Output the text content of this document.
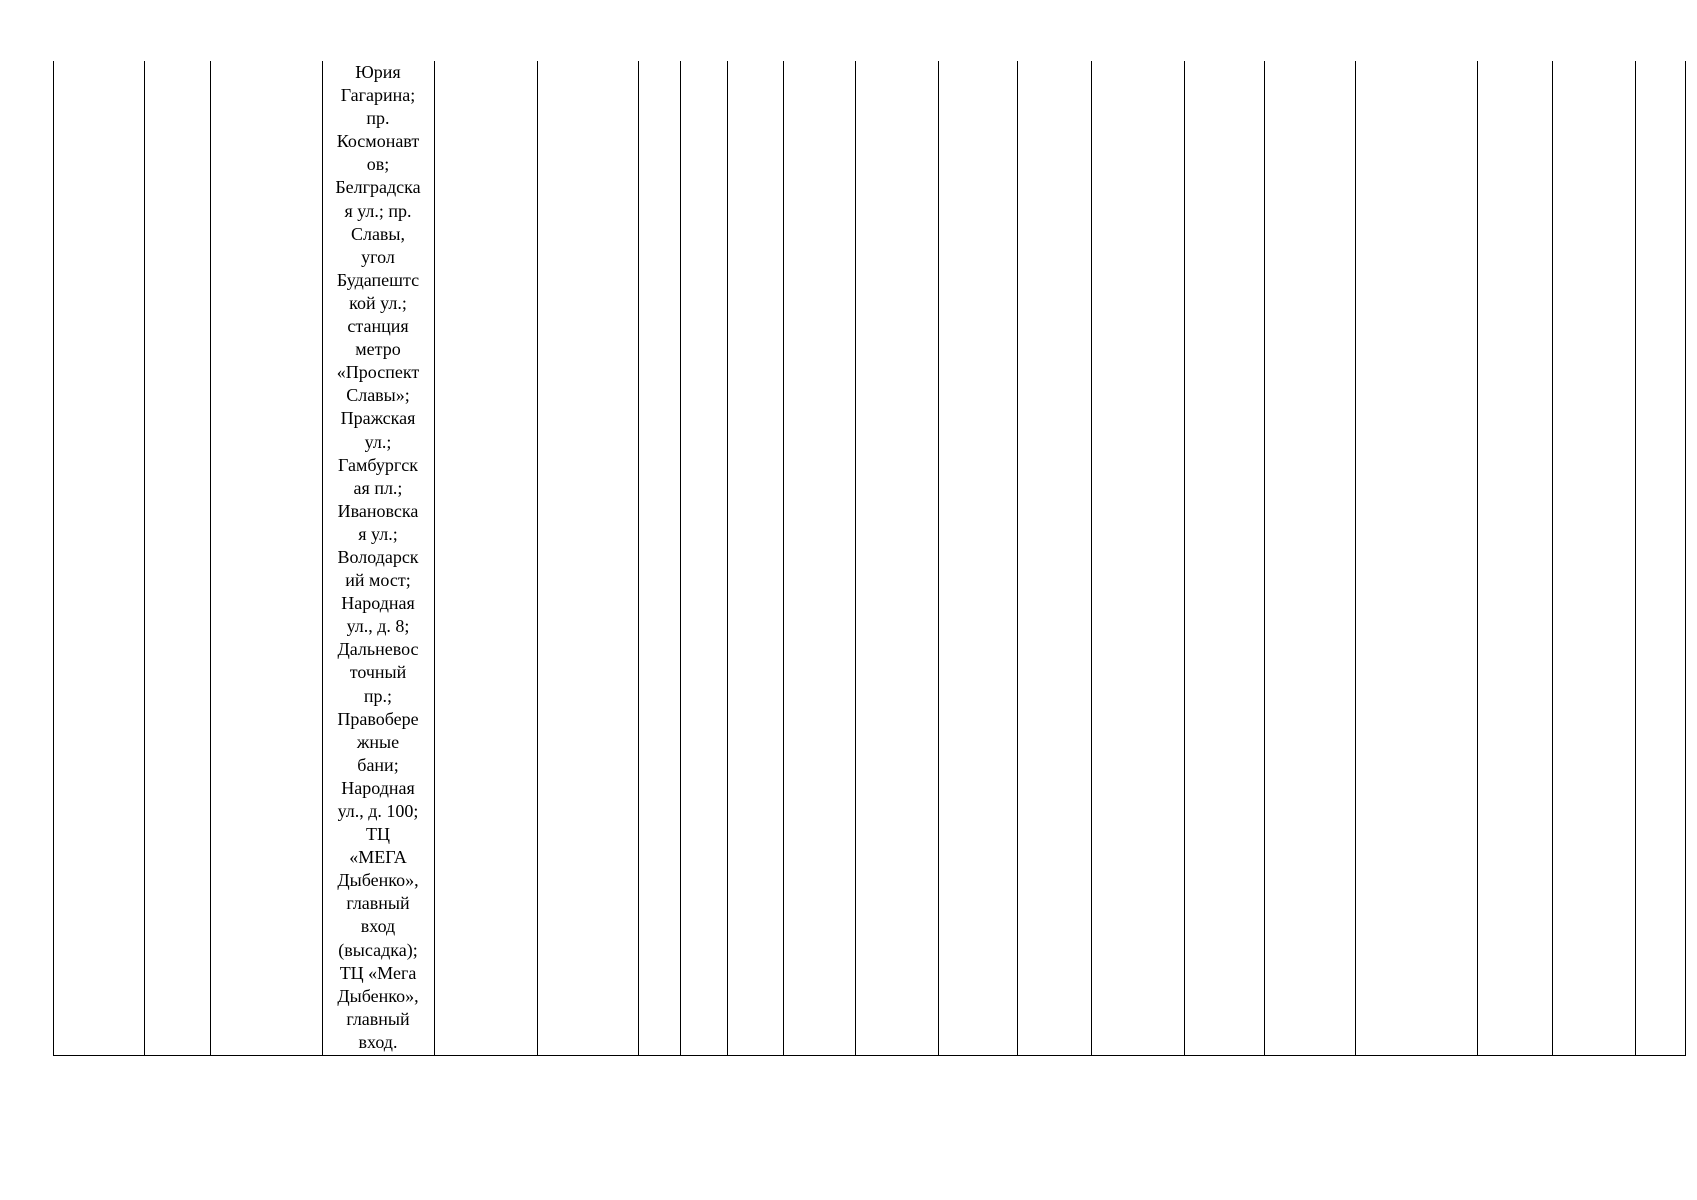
Юрия
Гагарина;
пр.
Космонавт
ов;
Белградска
я ул.; пр.
Славы,
угол
Будапештс
кой ул.;
станция
метро
«Проспект
Славы»;
Пражская
ул.;
Гамбургск
ая пл.;
Ивановска
я ул.;
Володарск
ий мост;
Народная
ул., д. 8;
Дальневос
точный
пр.;
Правобере
жные
бани;
Народная
ул., д. 100;
ТЦ
«МЕГА
Дыбенко»,
главный
вход
(высадка);
ТЦ «Мега
Дыбенко»,
главный
вход.
